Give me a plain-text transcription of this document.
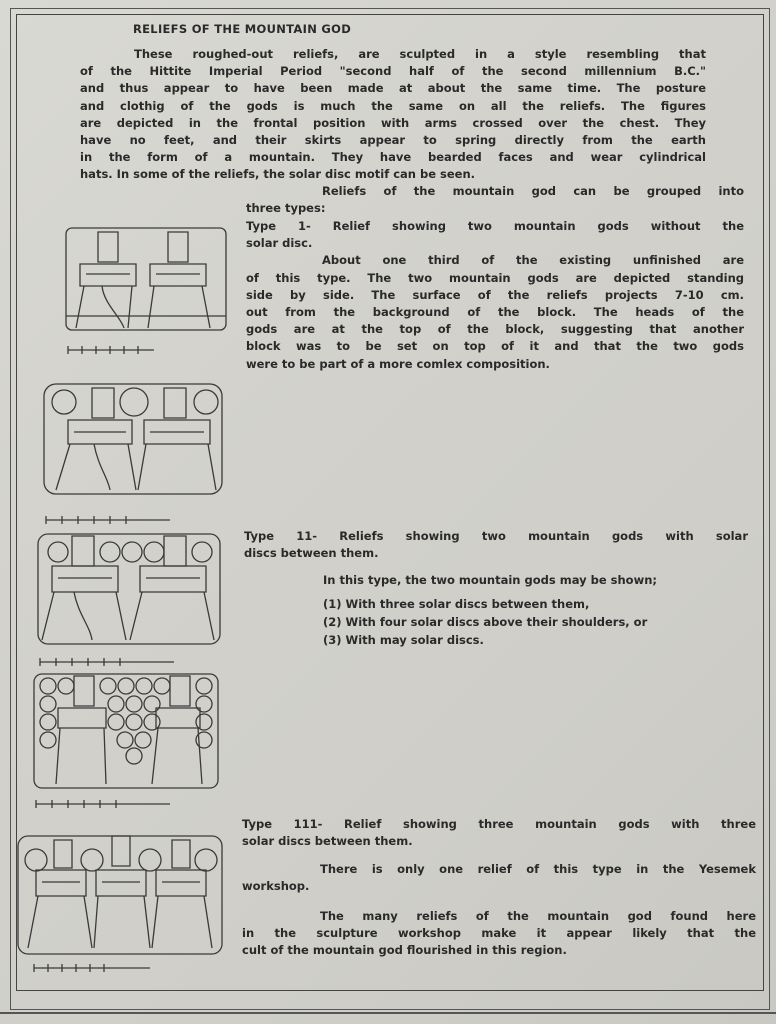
RELIEFS OF THE MOUNTAIN GOD
These roughed-out reliefs, are sculpted in a style resembling that
of the Hittite Imperial Period "second half of the second millennium B.C."
and thus appear to have been made at about the same time. The posture
and clothig of the gods is much the same on all the reliefs. The figures
are depicted in the frontal position with arms crossed over the chest. They
have no feet, and their skirts appear to spring directly from the earth
in the form of a mountain. They have bearded faces and wear cylindrical
hats. In some of the reliefs, the solar disc motif can be seen.
Reliefs of the mountain god can be grouped into
three types:
Type 1- Relief showing two mountain gods without the
solar disc.
About one third of the existing unfinished are
of this type. The two mountain gods are depicted standing
side by side. The surface of the reliefs projects 7-10 cm.
out from the background of the block. The heads of the
gods are at the top of the block, suggesting that another
block was to be set on top of it and that the two gods
were to be part of a more comlex composition.
Type 11- Reliefs showing two mountain gods with solar
discs between them.
In this type, the two mountain gods may be shown;
(1) With three solar discs between them,
(2) With four solar discs above their shoulders, or
(3) With may solar discs.
Type 111- Relief showing three mountain gods with three
solar discs between them.
There is only one relief of this type in the Yesemek
workshop.
The many reliefs of the mountain god found here
in the sculpture workshop make it appear likely that the
cult of the mountain god flourished in this region.
